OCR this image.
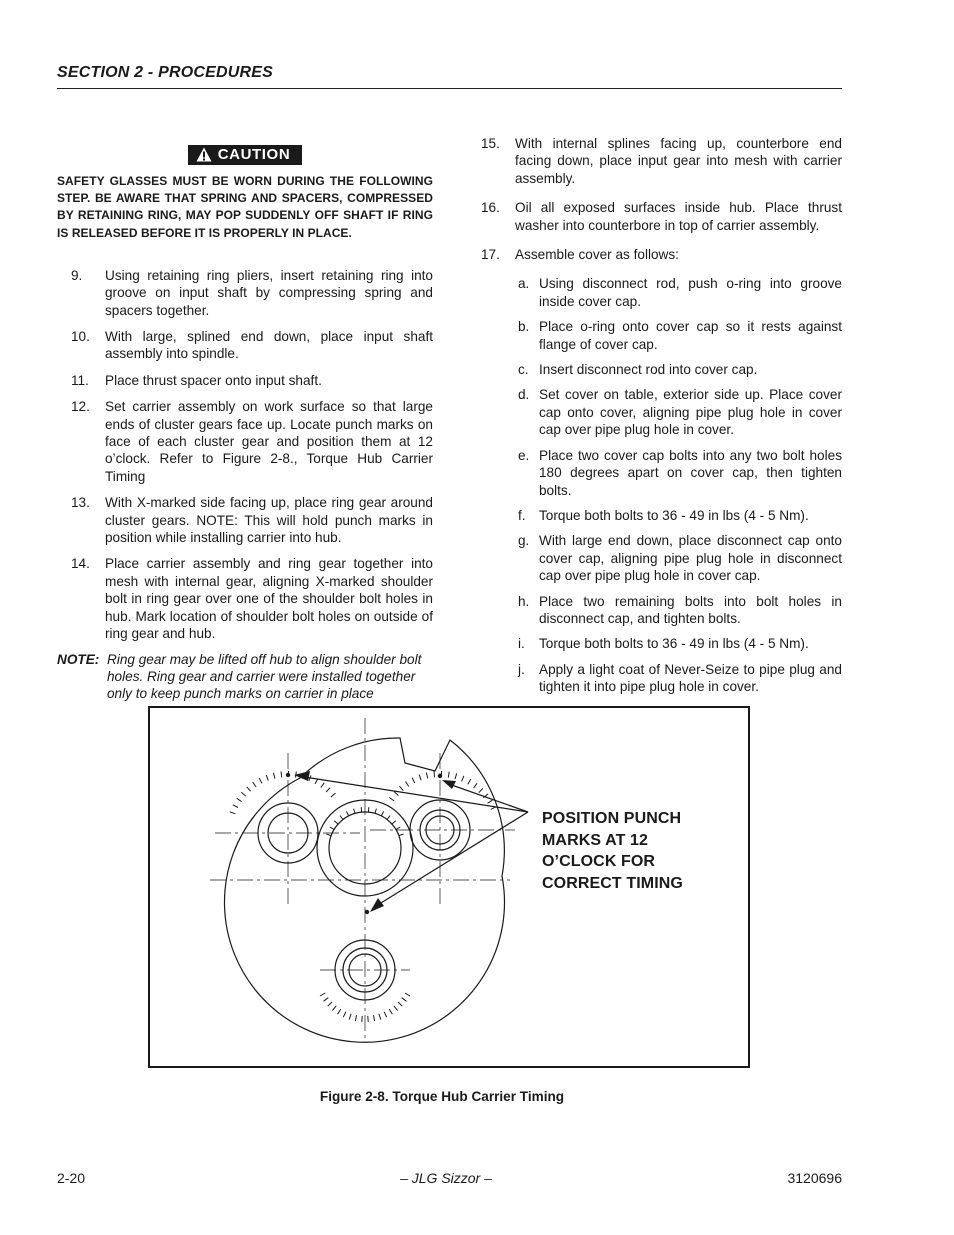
SECTION 2 - PROCEDURES
CAUTION
SAFETY GLASSES MUST BE WORN DURING THE FOLLOWING STEP. BE AWARE THAT SPRING AND SPACERS, COMPRESSED BY RETAINING RING, MAY POP SUDDENLY OFF SHAFT IF RING IS RELEASED BEFORE IT IS PROPERLY IN PLACE.
9.	Using retaining ring pliers, insert retaining ring into groove on input shaft by compressing spring and spacers together.
10.	With large, splined end down, place input shaft assembly into spindle.
11.	Place thrust spacer onto input shaft.
12.	Set carrier assembly on work surface so that large ends of cluster gears face up. Locate punch marks on face of each cluster gear and position them at 12 o’clock. Refer to Figure 2-8., Torque Hub Carrier Timing
13.	With X-marked side facing up, place ring gear around cluster gears. NOTE: This will hold punch marks in position while installing carrier into hub.
14.	Place carrier assembly and ring gear together into mesh with internal gear, aligning X-marked shoulder bolt in ring gear over one of the shoulder bolt holes in hub. Mark location of shoulder bolt holes on outside of ring gear and hub.
NOTE: Ring gear may be lifted off hub to align shoulder bolt holes. Ring gear and carrier were installed together only to keep punch marks on carrier in place
15.	With internal splines facing up, counterbore end facing down, place input gear into mesh with carrier assembly.
16.	Oil all exposed surfaces inside hub. Place thrust washer into counterbore in top of carrier assembly.
17.	Assemble cover as follows:
a. Using disconnect rod, push o-ring into groove inside cover cap.
b. Place o-ring onto cover cap so it rests against flange of cover cap.
c. Insert disconnect rod into cover cap.
d. Set cover on table, exterior side up. Place cover cap onto cover, aligning pipe plug hole in cover cap over pipe plug hole in cover.
e. Place two cover cap bolts into any two bolt holes 180 degrees apart on cover cap, then tighten bolts.
f. Torque both bolts to 36 - 49 in lbs (4 - 5 Nm).
g. With large end down, place disconnect cap onto cover cap, aligning pipe plug hole in disconnect cap over pipe plug hole in cover cap.
h. Place two remaining bolts into bolt holes in disconnect cap, and tighten bolts.
i.	Torque both bolts to 36 - 49 in lbs (4 - 5 Nm).
j.	Apply a light coat of Never-Seize to pipe plug and tighten it into pipe plug hole in cover.
POSITION PUNCH
MARKS AT 12
O’CLOCK FOR
CORRECT TIMING
Figure 2-8. Torque Hub Carrier Timing
2-20	– JLG Sizzor –	3120696
